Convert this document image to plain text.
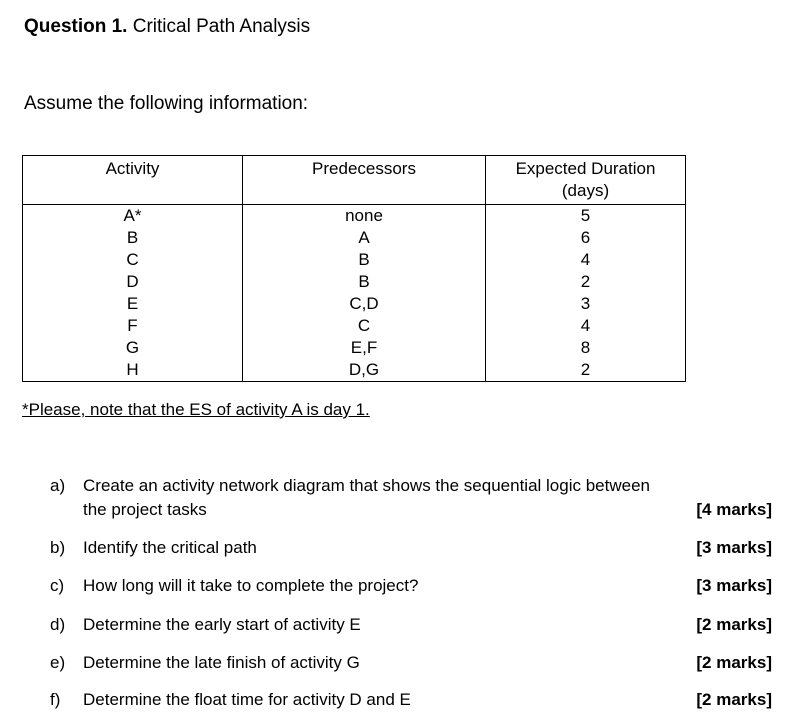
Question 1. Critical Path Analysis
Assume the following information:
Activity	Predecessors	Expected Duration
(days)

A*	none	5
B	A	6
C	B	4
D	B	2
E	C,D	3
F	C	4
G	E,F	8
H	D,G	2
*Please, note that the ES of activity A is day 1.
a) Create an activity network diagram that shows the sequential logic between
the project tasks	[4 marks]
b) Identify the critical path	[3 marks]
c) How long will it take to complete the project?	[3 marks]
d) Determine the early start of activity E	[2 marks]
e) Determine the late finish of activity G	[2 marks]
f) Determine the float time for activity D and E	[2 marks]
